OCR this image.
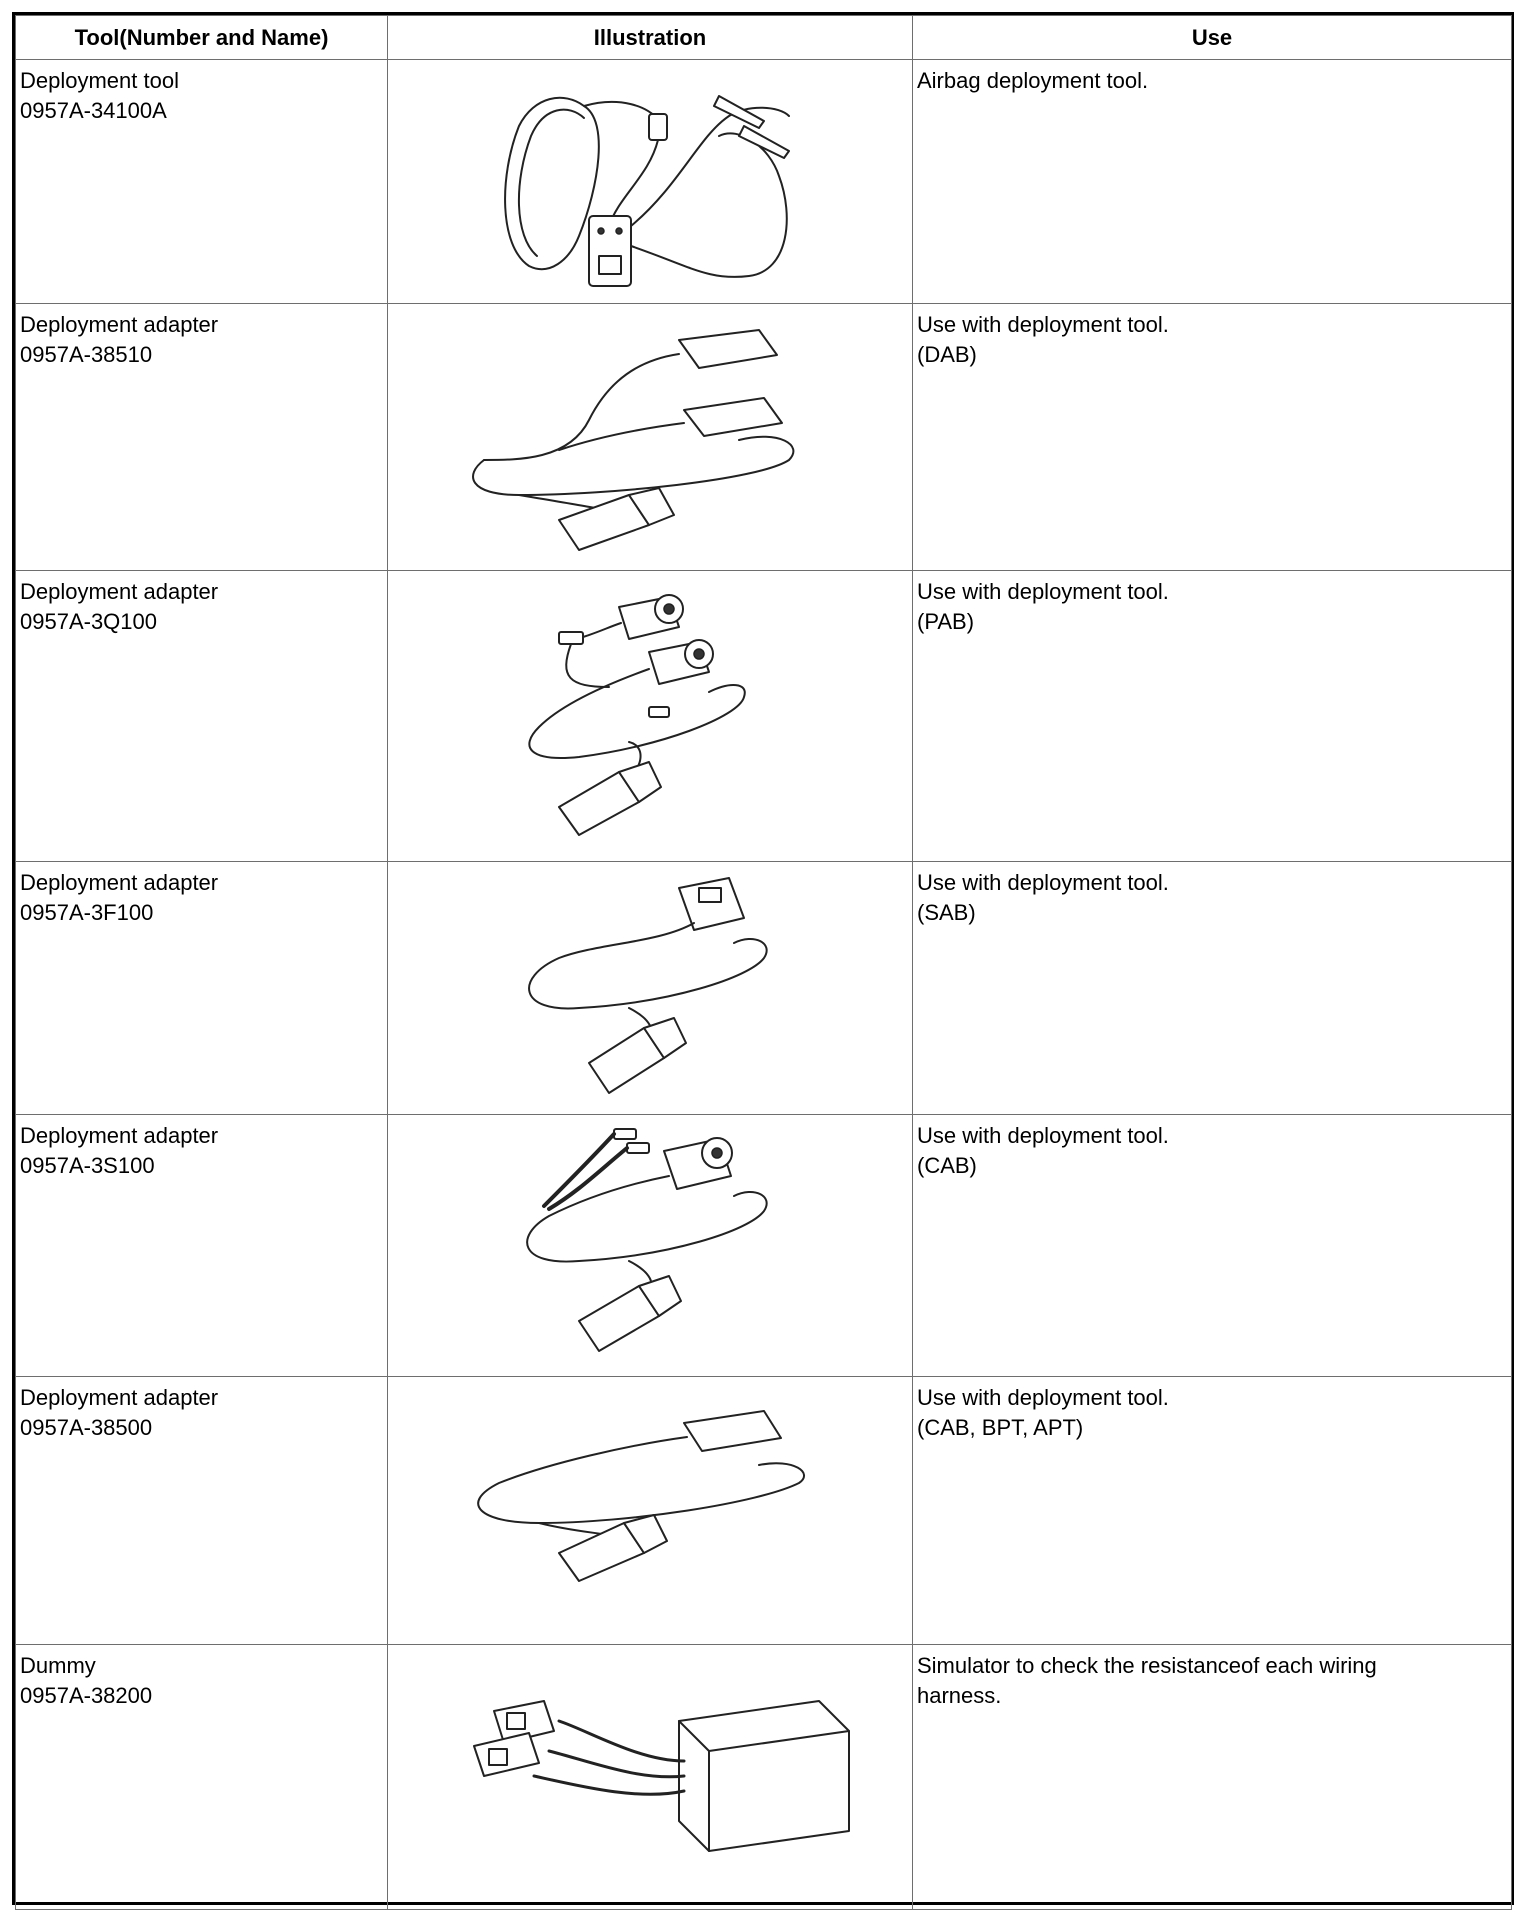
Tool(Number and Name)	Illustration	Use

Deployment tool
0957A-34100A		Airbag deployment tool.

Deployment adapter
0957A-38510		Use with deployment tool.
(DAB)

Deployment adapter
0957A-3Q100		Use with deployment tool.
(PAB)

Deployment adapter
0957A-3F100		Use with deployment tool.
(SAB)

Deployment adapter
0957A-3S100		Use with deployment tool.
(CAB)

Deployment adapter
0957A-38500		Use with deployment tool.
(CAB, BPT, APT)

Dummy
0957A-38200		Simulator to check the resistanceof each wiring
harness.
